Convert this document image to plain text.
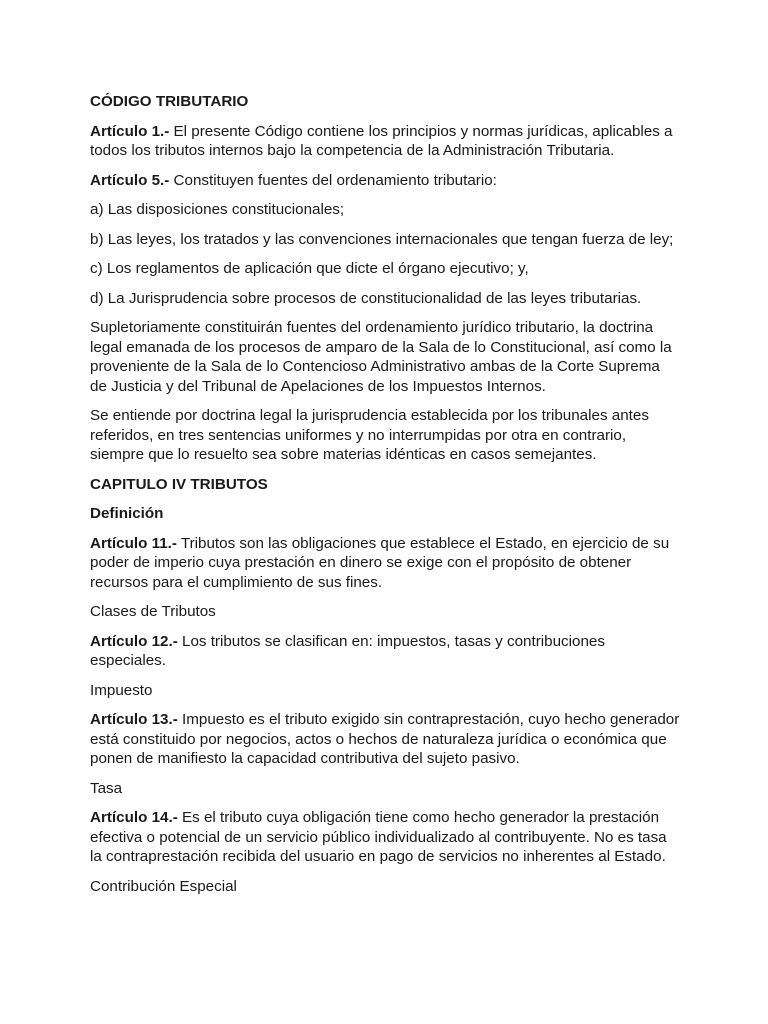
CÓDIGO TRIBUTARIO

Artículo 1.- El presente Código contiene los principios y normas jurídicas, aplicables a todos los tributos internos bajo la competencia de la Administración Tributaria.

Artículo 5.- Constituyen fuentes del ordenamiento tributario:

a) Las disposiciones constitucionales;

b) Las leyes, los tratados y las convenciones internacionales que tengan fuerza de ley;

c) Los reglamentos de aplicación que dicte el órgano ejecutivo; y,

d) La Jurisprudencia sobre procesos de constitucionalidad de las leyes tributarias.

Supletoriamente constituirán fuentes del ordenamiento jurídico tributario, la doctrina legal emanada de los procesos de amparo de la Sala de lo Constitucional, así como la proveniente de la Sala de lo Contencioso Administrativo ambas de la Corte Suprema de Justicia y del Tribunal de Apelaciones de los Impuestos Internos.

Se entiende por doctrina legal la jurisprudencia establecida por los tribunales antes referidos, en tres sentencias uniformes y no interrumpidas por otra en contrario, siempre que lo resuelto sea sobre materias idénticas en casos semejantes.

CAPITULO IV TRIBUTOS

Definición

Artículo 11.- Tributos son las obligaciones que establece el Estado, en ejercicio de su poder de imperio cuya prestación en dinero se exige con el propósito de obtener recursos para el cumplimiento de sus fines.

Clases de Tributos

Artículo 12.- Los tributos se clasifican en: impuestos, tasas y contribuciones especiales.

Impuesto

Artículo 13.- Impuesto es el tributo exigido sin contraprestación, cuyo hecho generador está constituido por negocios, actos o hechos de naturaleza jurídica o económica que ponen de manifiesto la capacidad contributiva del sujeto pasivo.

Tasa

Artículo 14.- Es el tributo cuya obligación tiene como hecho generador la prestación efectiva o potencial de un servicio público individualizado al contribuyente. No es tasa la contraprestación recibida del usuario en pago de servicios no inherentes al Estado.

Contribución Especial
